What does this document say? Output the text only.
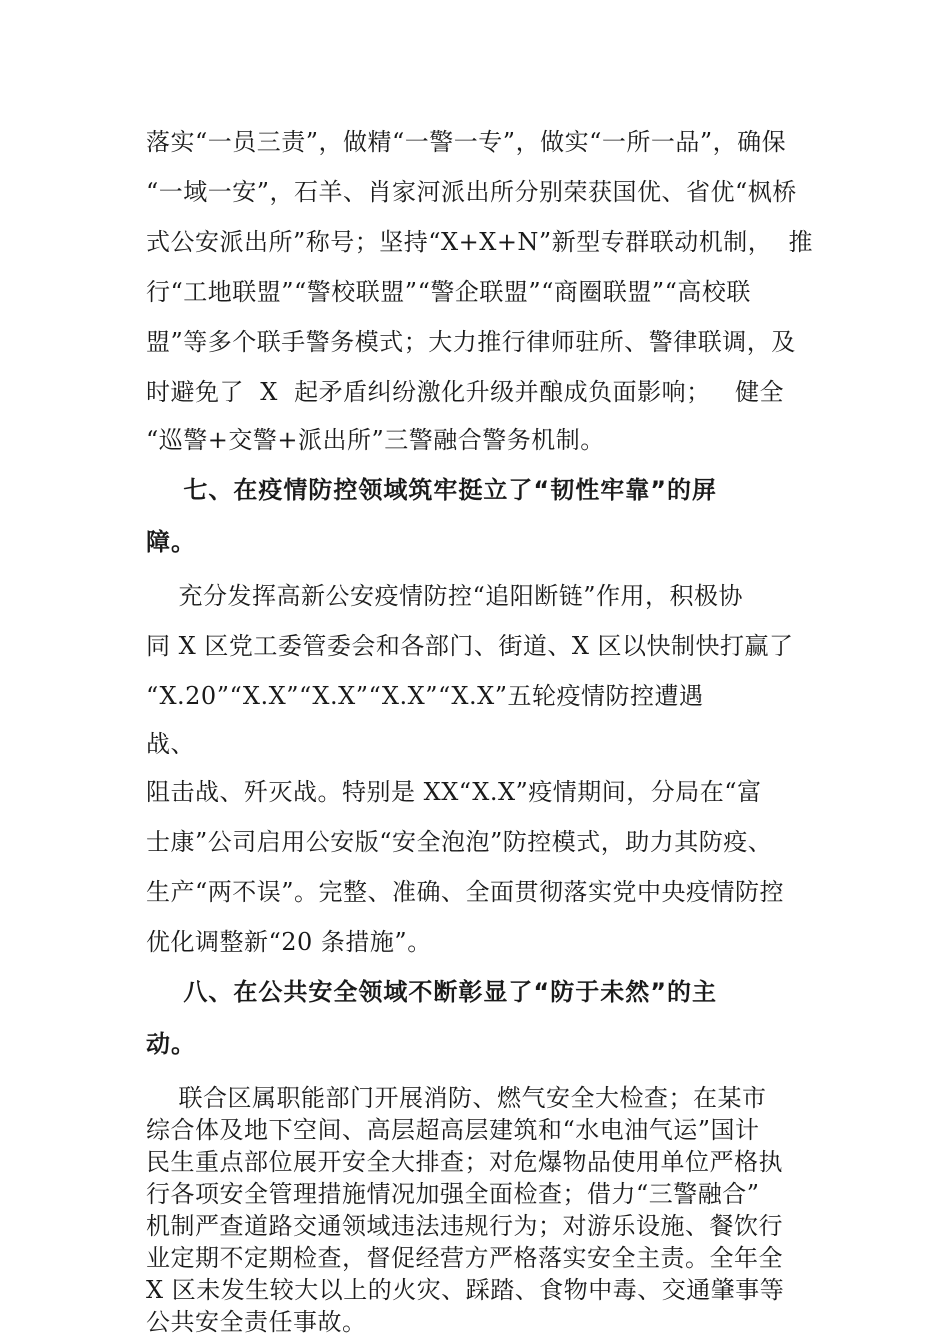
落实“一员三责”，做精“一警一专”，做实“一所一品”，确保
“一域一安”，石羊、肖家河派出所分别荣获国优、省优“枫桥
式公安派出所”称号；坚持“X+X+N”新型专群联动机制，  推
行“工地联盟”“警校联盟”“警企联盟”“商圈联盟”“高校联
盟”等多个联手警务模式；大力推行律师驻所、警律联调，及
时避免了  X  起矛盾纠纷激化升级并酿成负面影响；   健全
“巡警+交警+派出所”三警融合警务机制。
七、在疫情防控领域筑牢挺立了“韧性牢靠”的屏
障。
充分发挥高新公安疫情防控“追阳断链”作用，积极协
同 X 区党工委管委会和各部门、街道、X 区以快制快打赢了
“X.20”“X.X”“X.X”“X.X”“X.X”五轮疫情防控遭遇
战、
阻击战、歼灭战。特别是 XX“X.X”疫情期间，分局在“富
士康”公司启用公安版“安全泡泡”防控模式，助力其防疫、
生产“两不误”。完整、准确、全面贯彻落实党中央疫情防控
优化调整新“20 条措施”。
八、在公共安全领域不断彰显了“防于未然”的主
动。
联合区属职能部门开展消防、燃气安全大检查；在某市
综合体及地下空间、高层超高层建筑和“水电油气运”国计
民生重点部位展开安全大排查；对危爆物品使用单位严格执
行各项安全管理措施情况加强全面检查；借力“三警融合”
机制严查道路交通领域违法违规行为；对游乐设施、餐饮行
业定期不定期检查，督促经营方严格落实安全主责。全年全
X 区未发生较大以上的火灾、踩踏、食物中毒、交通肇事等
公共安全责任事故。
